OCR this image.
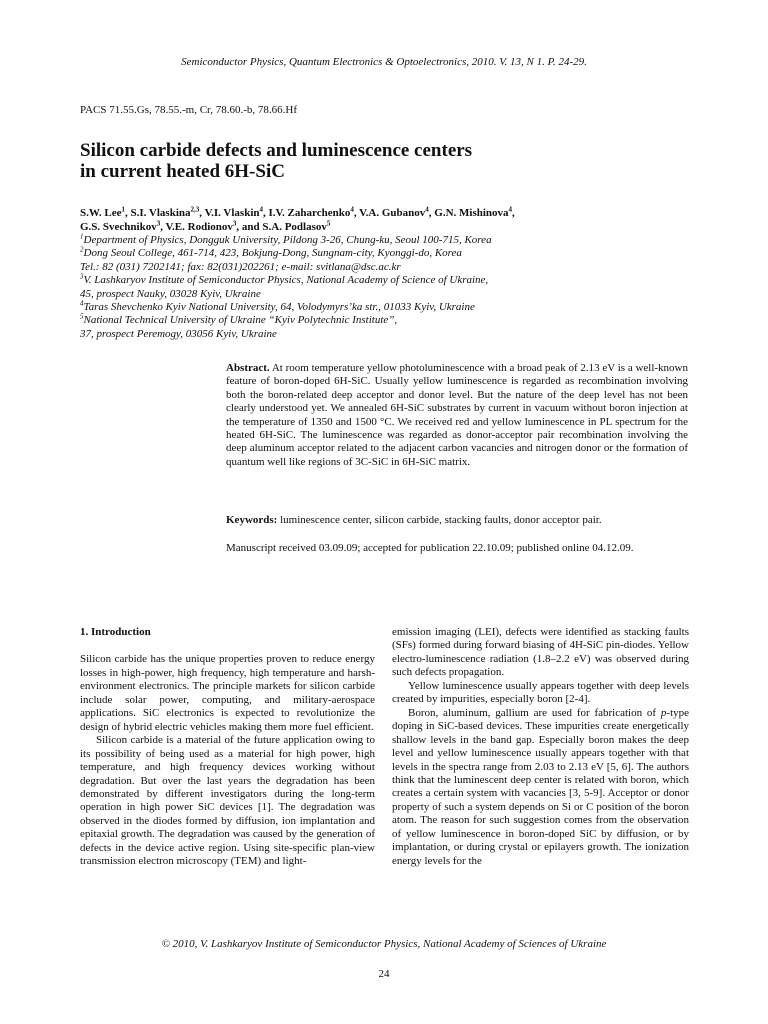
Semiconductor Physics, Quantum Electronics & Optoelectronics, 2010. V. 13, N 1. P. 24-29.
PACS 71.55.Gs, 78.55.-m, Cr, 78.60.-b, 78.66.Hf
Silicon carbide defects and luminescence centers
in current heated 6H-SiC
S.W. Lee$^1$, S.I. Vlaskina$^{2,3}$, V.I. Vlaskin$^4$, I.V. Zaharchenko$^4$, V.A. Gubanov$^4$, G.N. Mishinova$^4$,
G.S. Svechnikov$^3$, V.E. Rodionov$^3$, and S.A. Podlasov$^5$
$^1$Department of Physics, Dongguk University, Pildong 3-26, Chung-ku, Seoul 100-715, Korea
$^2$Dong Seoul College, 461-714, 423, Bokjung-Dong, Sungnam-city, Kyonggi-do, Korea
Tel.: 82 (031) 7202141; fax: 82(031)202261; e-mail: svitlana@dsc.ac.kr
$^3$V. Lashkaryov Institute of Semiconductor Physics, National Academy of Science of Ukraine,
45, prospect Nauky, 03028 Kyiv, Ukraine
$^4$Taras Shevchenko Kyiv National University, 64, Volodymyrs’ka str., 01033 Kyiv, Ukraine
$^5$National Technical University of Ukraine “Kyiv Polytechnic Institute”,
37, prospect Peremogy, 03056 Kyiv, Ukraine
Abstract. At room temperature yellow photoluminescence with a broad peak of 2.13 eV is a well-known feature of boron-doped 6H-SiC. Usually yellow luminescence is regarded as recombination involving both the boron-related deep acceptor and donor level. But the nature of the deep level has not been clearly understood yet. We annealed 6H-SiC substrates by current in vacuum without boron injection at the temperature of 1350 and 1500 °C. We received red and yellow luminescence in PL spectrum for the heated 6H-SiC. The luminescence was regarded as donor-acceptor pair recombination involving the deep aluminum acceptor related to the adjacent carbon vacancies and nitrogen donor or the formation of quantum well like regions of 3C-SiC in 6H-SiC matrix.
Keywords: luminescence center, silicon carbide, stacking faults, donor acceptor pair.
Manuscript received 03.09.09; accepted for publication 22.10.09; published online 04.12.09.
1. Introduction

Silicon carbide has the unique properties proven to reduce energy losses in high-power, high frequency, high temperature and harsh-environment electronics. The principle markets for silicon carbide include solar power, computing, and military-aerospace applications. SiC electronics is expected to revolutionize the design of hybrid electric vehicles making them more fuel efficient.

Silicon carbide is a material of the future application owing to its possibility of being used as a material for high power, high temperature, and high frequency devices working without degradation. But over the last years the degradation has been demonstrated by different investigators during the long-term operation in high power SiC devices [1]. The degradation was observed in the diodes formed by diffusion, ion implantation and epitaxial growth. The degradation was caused by the generation of defects in the device active region. Using site-specific plan-view transmission electron microscopy (TEM) and light-

emission imaging (LEI), defects were identified as stacking faults (SFs) formed during forward biasing of 4H-SiC pin-diodes. Yellow electro-luminescence radiation (1.8–2.2 eV) was observed during such defects propagation.

Yellow luminescence usually appears together with deep levels created by impurities, especially boron [2-4].

Boron, aluminum, gallium are used for fabrication of p-type doping in SiC-based devices. These impurities create energetically shallow levels in the band gap. Especially boron makes the deep level and yellow luminescence usually appears together with that levels in the spectra range from 2.03 to 2.13 eV [5, 6]. The authors think that the luminescent deep center is related with boron, which creates a certain system with vacancies [3, 5-9]. Acceptor or donor property of such a system depends on Si or C position of the boron atom. The reason for such suggestion comes from the observation of yellow luminescence in boron-doped SiC by diffusion, or by implantation, or during crystal or epilayers growth. The ionization energy levels for the

© 2010, V. Lashkaryov Institute of Semiconductor Physics, National Academy of Sciences of Ukraine
24
